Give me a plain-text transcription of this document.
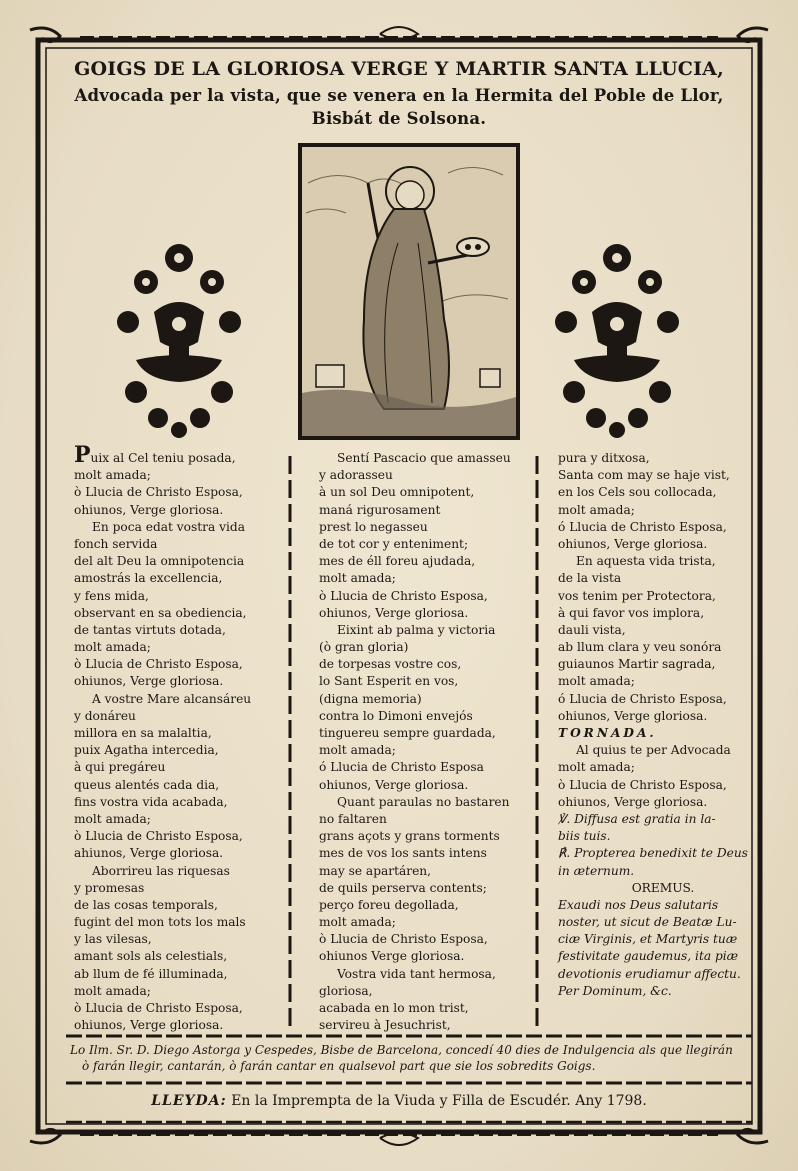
GOIGS DE LA GLORIOSA VERGE Y MARTIR SANTA LLUCIA,
Advocada per la vista, que se venera en la Hermita del Poble de Llor,
Bisbát de Solsona.
Puix al Cel teniu posada,
molt amada;
ò Llucia de Christo Esposa,
ohiunos, Verge gloriosa.
En poca edat vostra vida
fonch servida
del alt Deu la omnipotencia
amostrás la excellencia,
y fens mida,
observant en sa obediencia,
de tantas virtuts dotada,
molt amada;
ò Llucia de Christo Esposa,
ohiunos, Verge gloriosa.
A vostre Mare alcansáreu
y donáreu
millora en sa malaltia,
puix Agatha intercedia,
à qui pregáreu
queus alentés cada dia,
fins vostra vida acabada,
molt amada;
ò Llucia de Christo Esposa,
ahiunos, Verge gloriosa.
Aborrireu las riquesas
y promesas
de las cosas temporals,
fugint del mon tots los mals
y las vilesas,
amant sols als celestials,
ab llum de fé illuminada,
molt amada;
ò Llucia de Christo Esposa,
ohiunos, Verge gloriosa.
Sentí Pascacio que amasseu
y adorasseu
à un sol Deu omnipotent,
maná rigurosament
prest lo negasseu
de tot cor y enteniment;
mes de éll foreu ajudada,
molt amada;
ò Llucia de Christo Esposa,
ohiunos, Verge gloriosa.
Eixint ab palma y victoria
(ò gran gloria)
de torpesas vostre cos,
lo Sant Esperit en vos,
(digna memoria)
contra lo Dimoni envejós
tinguereu sempre guardada,
molt amada;
ó Llucia de Christo Esposa
ohiunos, Verge gloriosa.
Quant paraulas no bastaren
no faltaren
grans açots y grans torments
mes de vos los sants intens
may se apartáren,
de quils perserva contents;
perço foreu degollada,
molt amada;
ò Llucia de Christo Esposa,
ohiunos Verge gloriosa.
Vostra vida tant hermosa,
gloriosa,
acabada en lo mon trist,
servireu à Jesuchrist,
pura y ditxosa,
Santa com may se haje vist,
en los Cels sou collocada,
molt amada;
ó Llucia de Christo Esposa,
ohiunos, Verge gloriosa.
En aquesta vida trista,
de la vista
vos tenim per Protectora,
à qui favor vos implora,
dauli vista,
ab llum clara y veu sonóra
guiaunos Martir sagrada,
molt amada;
ó Llucia de Christo Esposa,
ohiunos, Verge gloriosa.
TORNADA.
Al quius te per Advocada
molt amada;
ò Llucia de Christo Esposa,
ohiunos, Verge gloriosa.
℣. Diffusa est gratia in la-
biis tuis.
℟. Propterea benedixit te Deus
in æternum.
OREMUS.
Exaudi nos Deus salutaris
noster, ut sicut de Beatæ Lu-
ciæ Virginis, et Martyris tuæ
festivitate gaudemus, ita piæ
devotionis erudiamur affectu.
Per Dominum, &c.
Lo Ilm. Sr. D. Diego Astorga y Cespedes, Bisbe de Barcelona, concedí 40 dies de Indulgencia als que llegirán
ò farán llegir, cantarán, ò farán cantar en qualsevol part que sie los sobredits Goigs.
LLEYDA: En la Imprempta de la Viuda y Filla de Escudér. Any 1798.
